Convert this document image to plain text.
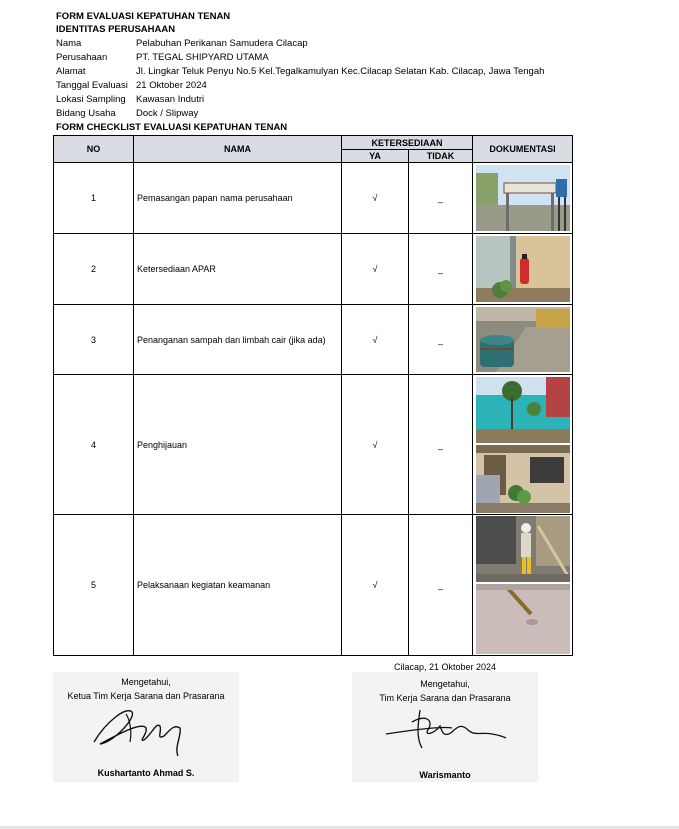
FORM EVALUASI KEPATUHAN TENAN
IDENTITAS PERUSAHAAN
Nama	Pelabuhan Perikanan Samudera Cilacap
Perusahaan	PT. TEGAL SHIPYARD UTAMA
Alamat	Jl. Lingkar Teluk Penyu No.5 Kel.Tegalkamulyan Kec.Cilacap Selatan Kab. Cilacap, Jawa Tengah
Tanggal Evaluasi 21 Oktober 2024
Lokasi Sampling Kawasan Indutri
Bidang Usaha Dock / Slipway
FORM CHECKLIST EVALUASI KEPATUHAN TENAN
NO	NAMA	KETERSEDIAAN		DOKUMENTASI
		YA	TIDAK	
1	Pemasangan papan nama perusahaan	√	_	

2	Ketersediaan APAR	√	_	

3	Penanganan sampah dan limbah cair (jika ada)	√	_	

4	Penghijauan	√	_	

5	Pelaksanaan kegiatan keamanan	√	_	
Mengetahui,
Ketua Tim Kerja Sarana dan Prasarana
Kushartanto Ahmad S.
Cilacap, 21 Oktober 2024
Mengetahui,
Tim Kerja Sarana dan Prasarana
Warismanto
